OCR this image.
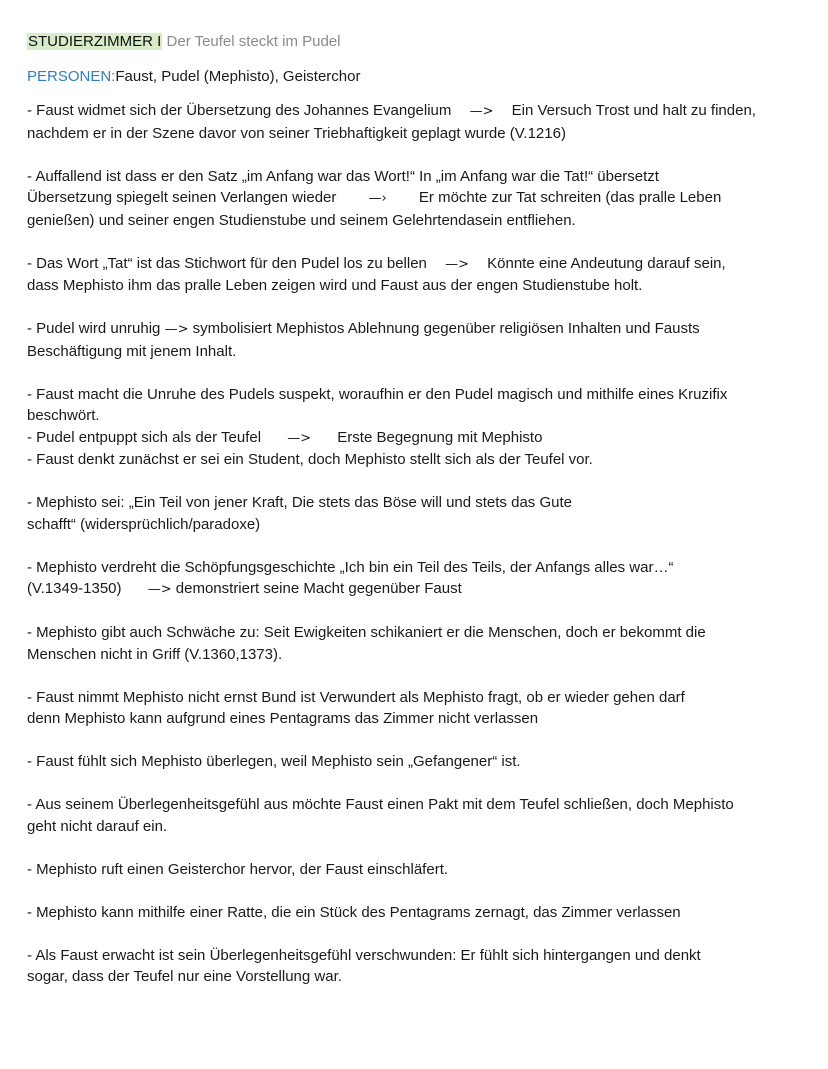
STUDIERZIMMER I Der Teufel steckt im Pudel
PERSONEN:Faust, Pudel (Mephisto), Geisterchor
- Faust widmet sich der Übersetzung des Johannes Evangelium —> Ein Versuch Trost und halt zu finden,
nachdem er in der Szene davor von seiner Triebhaftigkeit geplagt wurde (V.1216)
- Auffallend ist dass er den Satz „im Anfang war das Wort!“ In „im Anfang war die Tat!“ übersetzt
Übersetzung spiegelt seinen Verlangen wieder —› Er möchte zur Tat schreiten (das pralle Leben
genießen) und seiner engen Studienstube und seinem Gelehrtendasein entfliehen.
- Das Wort „Tat“ ist das Stichwort für den Pudel los zu bellen —> Könnte eine Andeutung darauf sein,
dass Mephisto ihm das pralle Leben zeigen wird und Faust aus der engen Studienstube holt.
- Pudel wird unruhig —> symbolisiert Mephistos Ablehnung gegenüber religiösen Inhalten und Fausts
Beschäftigung mit jenem Inhalt.
- Faust macht die Unruhe des Pudels suspekt, woraufhin er den Pudel magisch und mithilfe eines Kruzifix
beschwört.
- Pudel entpuppt sich als der Teufel —> Erste Begegnung mit Mephisto
- Faust denkt zunächst er sei ein Student, doch Mephisto stellt sich als der Teufel vor.
- Mephisto sei: „Ein Teil von jener Kraft, Die stets das Böse will und stets das Gute
schafft“ (widersprüchlich/paradoxe)
- Mephisto verdreht die Schöpfungsgeschichte „Ich bin ein Teil des Teils, der Anfangs alles war…“
(V.1349-1350) —> demonstriert seine Macht gegenüber Faust
- Mephisto gibt auch Schwäche zu: Seit Ewigkeiten schikaniert er die Menschen, doch er bekommt die
Menschen nicht in Griff (V.1360,1373).
- Faust nimmt Mephisto nicht ernst Bund ist Verwundert als Mephisto fragt, ob er wieder gehen darf
denn Mephisto kann aufgrund eines Pentagrams das Zimmer nicht verlassen
- Faust fühlt sich Mephisto überlegen, weil Mephisto sein „Gefangener“ ist.
- Aus seinem Überlegenheitsgefühl aus möchte Faust einen Pakt mit dem Teufel schließen, doch Mephisto
geht nicht darauf ein.
- Mephisto ruft einen Geisterchor hervor, der Faust einschläfert.
- Mephisto kann mithilfe einer Ratte, die ein Stück des Pentagrams zernagt, das Zimmer verlassen
- Als Faust erwacht ist sein Überlegenheitsgefühl verschwunden: Er fühlt sich hintergangen und denkt
sogar, dass der Teufel nur eine Vorstellung war.
